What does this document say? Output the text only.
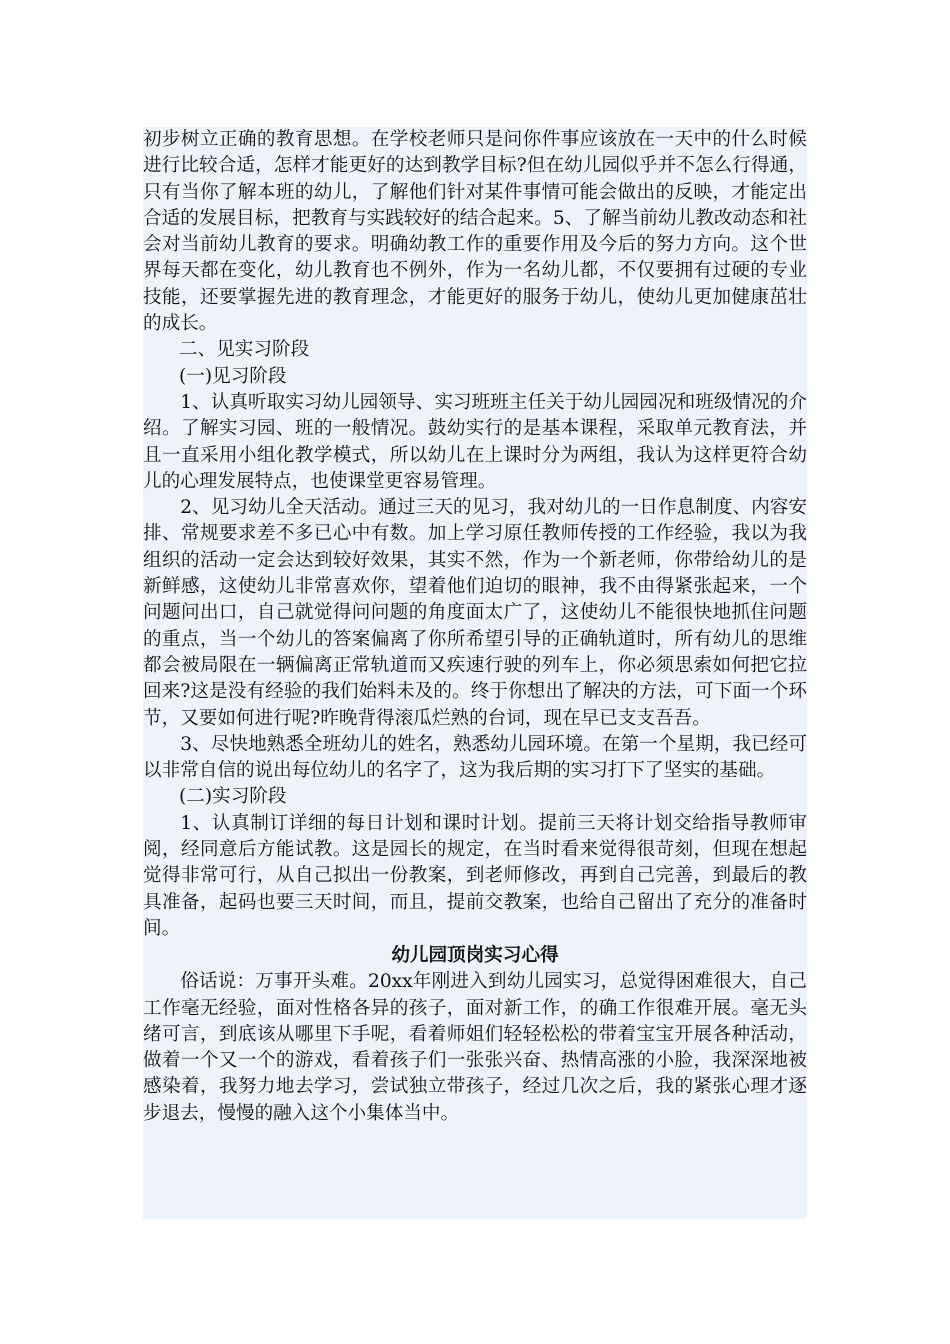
初步树立正确的教育思想。在学校老师只是问你件事应该放在一天中的什么时候进行比较合适，怎样才能更好的达到教学目标?但在幼儿园似乎并不怎么行得通，只有当你了解本班的幼儿，了解他们针对某件事情可能会做出的反映，才能定出合适的发展目标，把教育与实践较好的结合起来。5、了解当前幼儿教改动态和社会对当前幼儿教育的要求。明确幼教工作的重要作用及今后的努力方向。这个世界每天都在变化，幼儿教育也不例外，作为一名幼儿都，不仅要拥有过硬的专业技能，还要掌握先进的教育理念，才能更好的服务于幼儿，使幼儿更加健康茁壮的成长。

二、见实习阶段

(一)见习阶段

1、认真听取实习幼儿园领导、实习班班主任关于幼儿园园况和班级情况的介绍。了解实习园、班的一般情况。鼓幼实行的是基本课程，采取单元教育法，并且一直采用小组化教学模式，所以幼儿在上课时分为两组，我认为这样更符合幼儿的心理发展特点，也使课堂更容易管理。

2、见习幼儿全天活动。通过三天的见习，我对幼儿的一日作息制度、内容安排、常规要求差不多已心中有数。加上学习原任教师传授的工作经验，我以为我组织的活动一定会达到较好效果，其实不然，作为一个新老师，你带给幼儿的是新鲜感，这使幼儿非常喜欢你，望着他们迫切的眼神，我不由得紧张起来，一个问题问出口，自己就觉得问问题的角度面太广了，这使幼儿不能很快地抓住问题的重点，当一个幼儿的答案偏离了你所希望引导的正确轨道时，所有幼儿的思维都会被局限在一辆偏离正常轨道而又疾速行驶的列车上，你必须思索如何把它拉回来?这是没有经验的我们始料未及的。终于你想出了解决的方法，可下面一个环节，又要如何进行呢?昨晚背得滚瓜烂熟的台词，现在早已支支吾吾。

3、尽快地熟悉全班幼儿的姓名，熟悉幼儿园环境。在第一个星期，我已经可以非常自信的说出每位幼儿的名字了，这为我后期的实习打下了坚实的基础。

(二)实习阶段

1、认真制订详细的每日计划和课时计划。提前三天将计划交给指导教师审阅，经同意后方能试教。这是园长的规定，在当时看来觉得很苛刻，但现在想起觉得非常可行，从自己拟出一份教案，到老师修改，再到自己完善，到最后的教具准备，起码也要三天时间，而且，提前交教案，也给自己留出了充分的准备时间。

幼儿园顶岗实习心得

俗话说：万事开头难。20xx年刚进入到幼儿园实习，总觉得困难很大，自己工作毫无经验，面对性格各异的孩子，面对新工作，的确工作很难开展。毫无头绪可言，到底该从哪里下手呢，看着师姐们轻轻松松的带着宝宝开展各种活动，做着一个又一个的游戏，看着孩子们一张张兴奋、热情高涨的小脸，我深深地被感染着，我努力地去学习，尝试独立带孩子，经过几次之后，我的紧张心理才逐步退去，慢慢的融入这个小集体当中。
